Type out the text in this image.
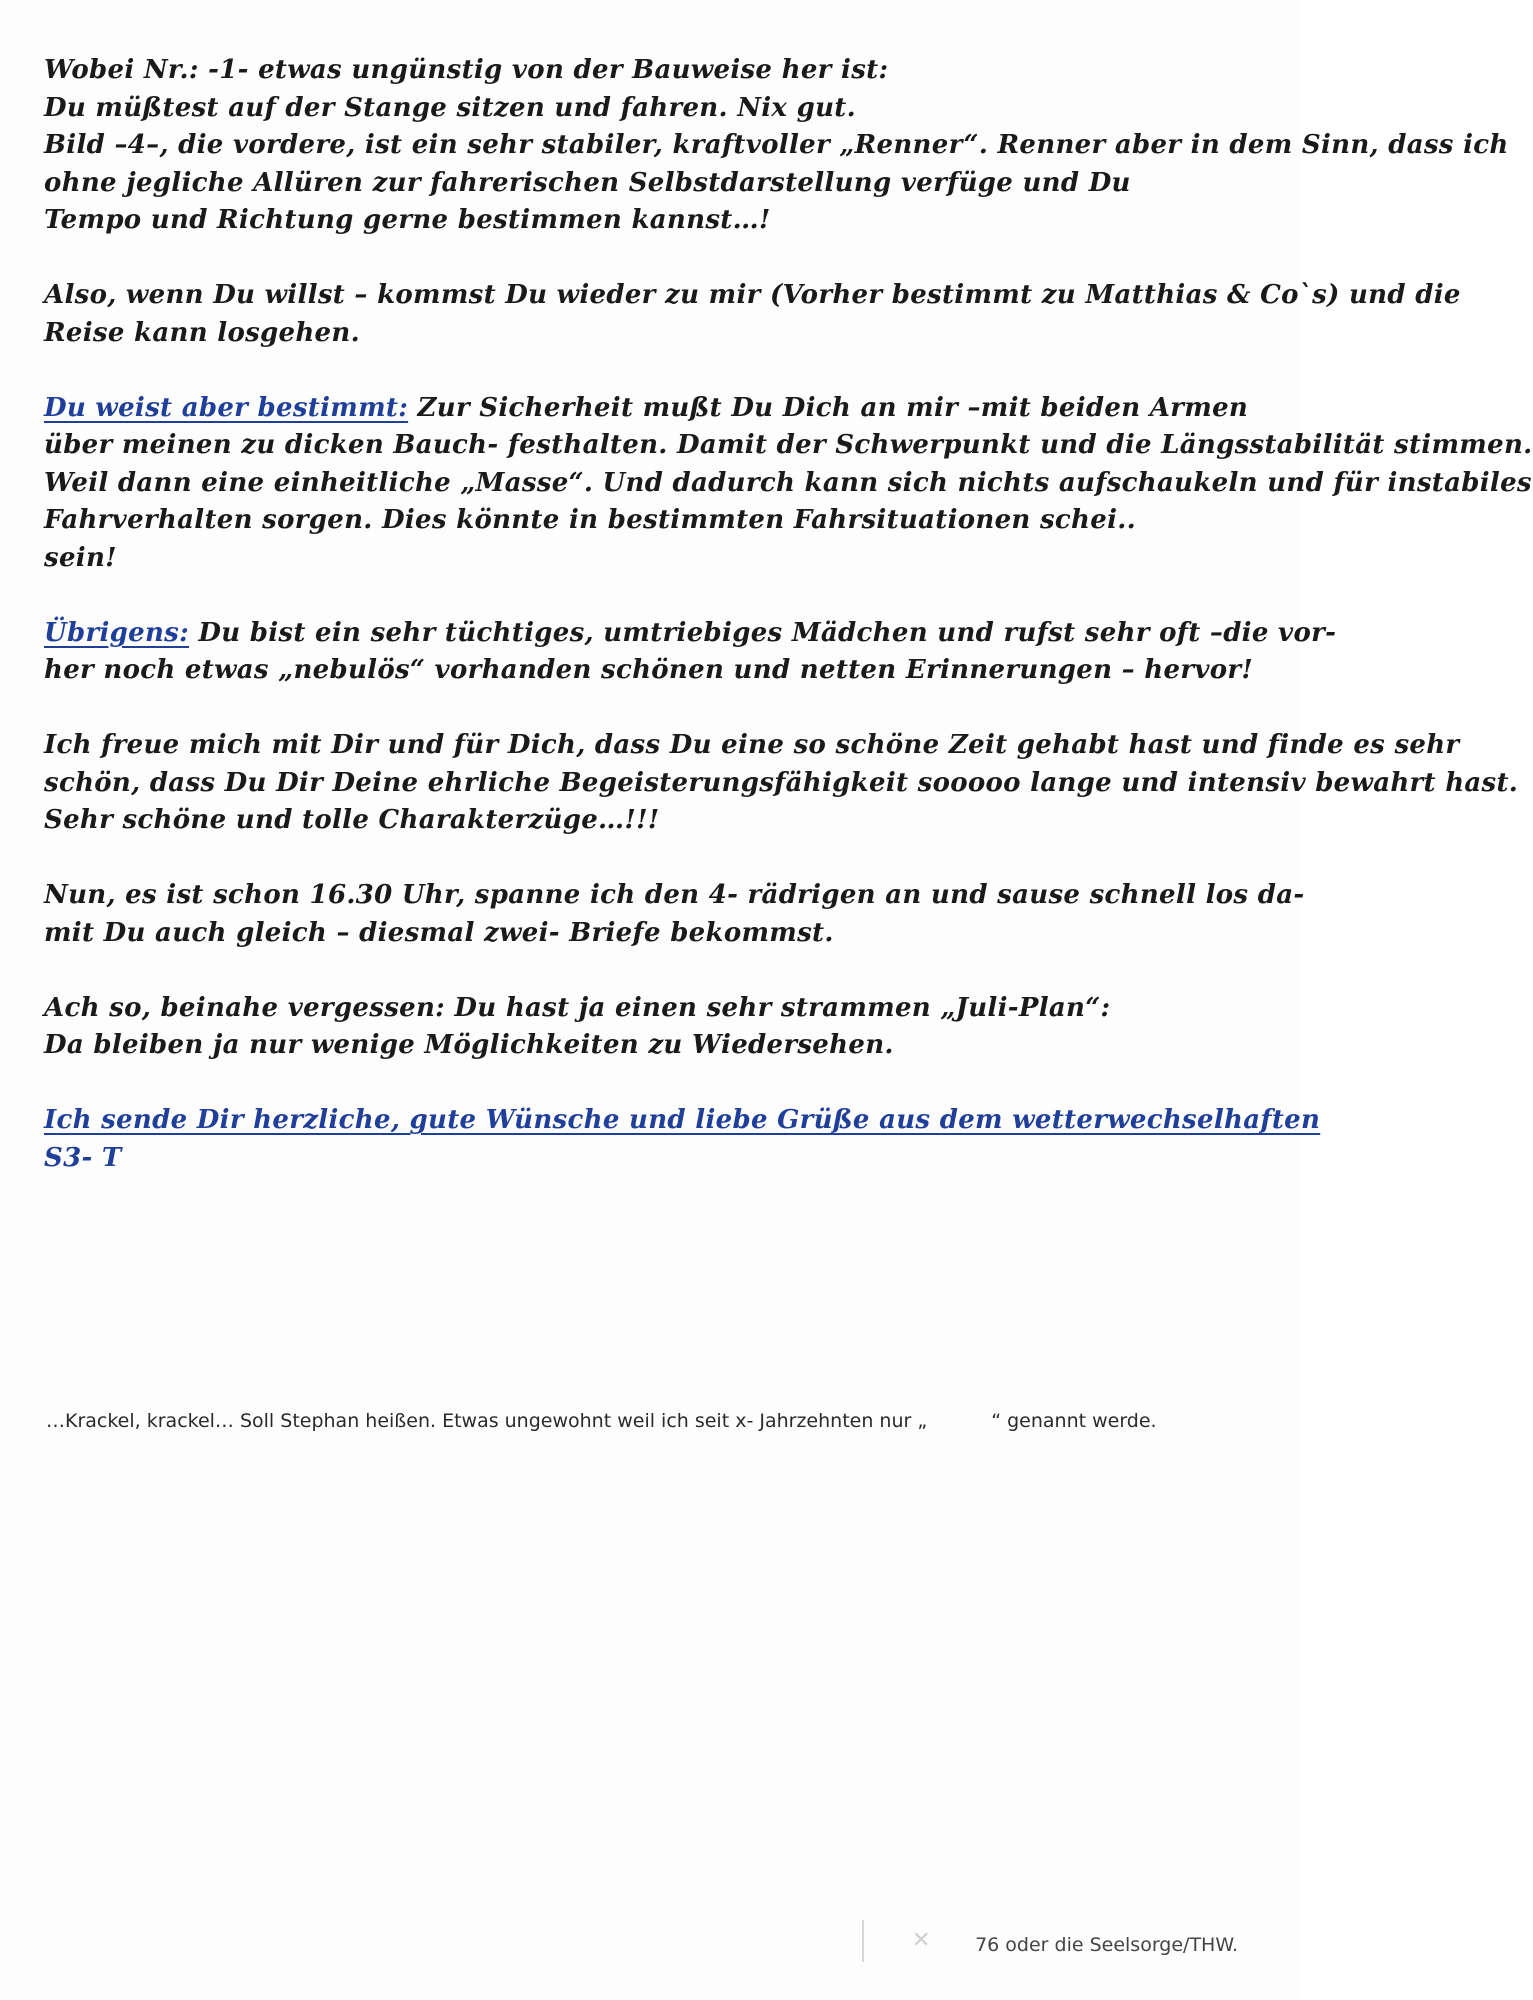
Wobei Nr.: -1- etwas ungünstig von der Bauweise her ist:
Du müßtest auf der Stange sitzen und fahren. Nix gut.
Bild –4–, die vordere, ist ein sehr stabiler, kraftvoller „Renner“. Renner aber in dem Sinn, dass ich
ohne jegliche Allüren zur fahrerischen Selbstdarstellung verfüge und Du
Tempo und Richtung gerne bestimmen kannst…!
Also, wenn Du willst – kommst Du wieder zu mir (Vorher bestimmt zu Matthias & Co`s) und die
Reise kann losgehen.
Du weist aber bestimmt: Zur Sicherheit mußt Du Dich an mir –mit beiden Armen
über meinen zu dicken Bauch- festhalten. Damit der Schwerpunkt und die Längsstabilität stimmen.
Weil dann eine einheitliche „Masse“. Und dadurch kann sich nichts aufschaukeln und für instabiles
Fahrverhalten sorgen. Dies könnte in bestimmten Fahrsituationen schei..
sein!
Übrigens: Du bist ein sehr tüchtiges, umtriebiges Mädchen und rufst sehr oft –die vor-
her noch etwas „nebulös“ vorhanden schönen und netten Erinnerungen – hervor!
Ich freue mich mit Dir und für Dich, dass Du eine so schöne Zeit gehabt hast und finde es sehr
schön, dass Du Dir Deine ehrliche Begeisterungsfähigkeit sooooo lange und intensiv bewahrt hast.
Sehr schöne und tolle Charakterzüge…!!!
Nun, es ist schon 16.30 Uhr, spanne ich den 4- rädrigen an und sause schnell los da-
mit Du auch gleich – diesmal zwei- Briefe bekommst.
Ach so, beinahe vergessen: Du hast ja einen sehr strammen „Juli-Plan“:
Da bleiben ja nur wenige Möglichkeiten zu Wiedersehen.
Ich sende Dir herzliche, gute Wünsche und liebe Grüße aus dem wetterwechselhaften
S3- T
…Krackel, krackel… Soll Stephan heißen. Etwas ungewohnt weil ich seit x- Jahrzehnten nur „	“ genannt werde.
✕ 76 oder die Seelsorge/THW.
